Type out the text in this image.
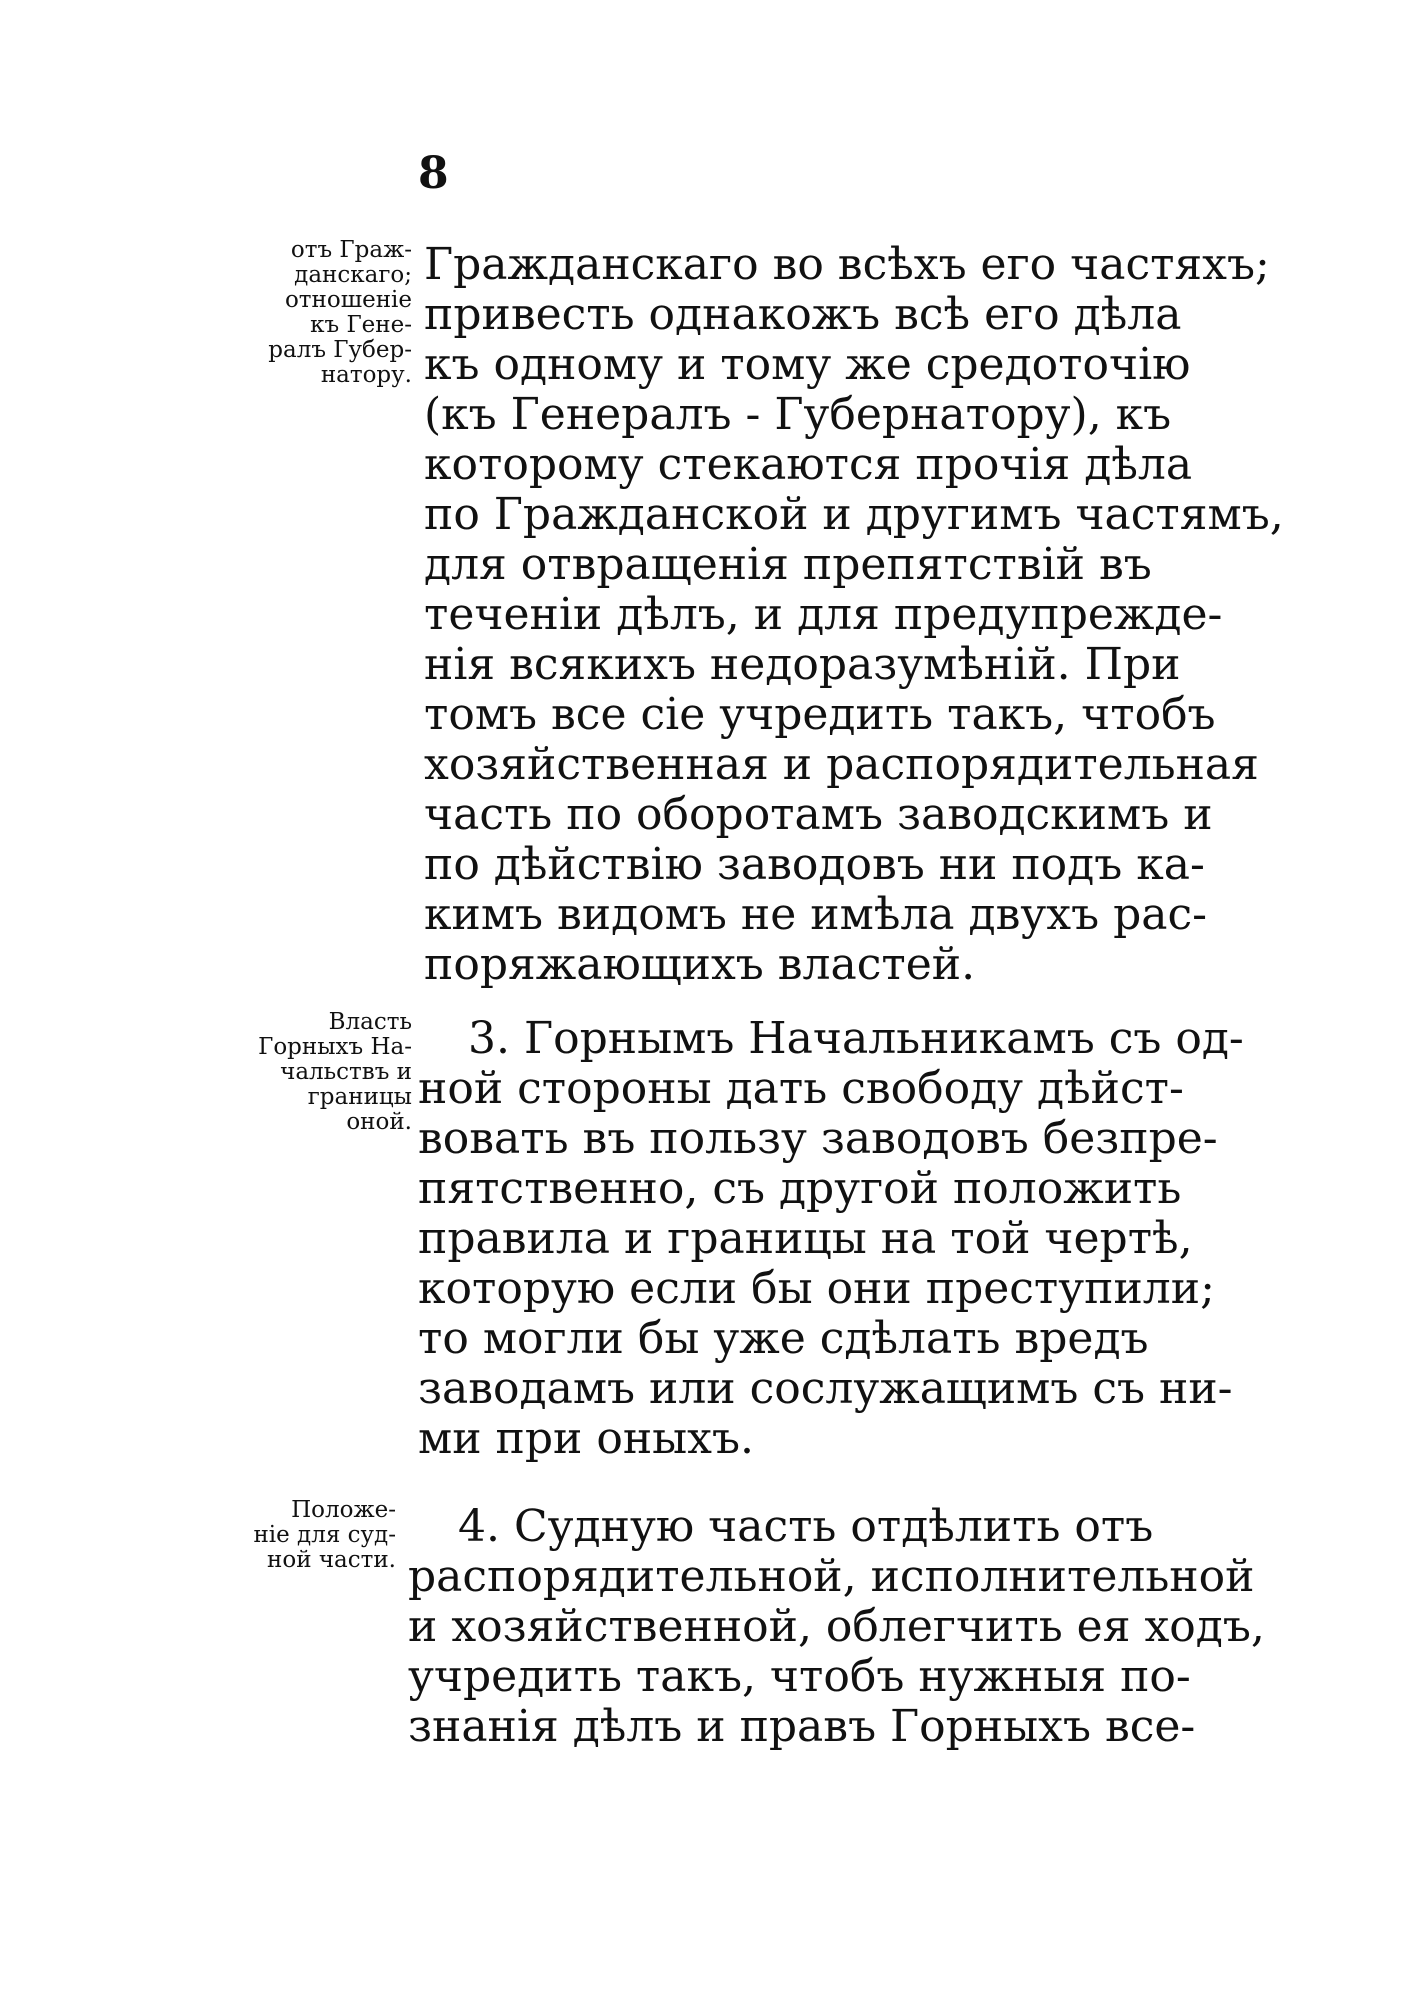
8
отъ Граж-
данскаго;
отношеніе
къ Гене-
ралъ Губер-
натору.
Власть
Горныхъ На-
чальствъ и
границы
оной.
Положе-
ніе для суд-
ной части.
Гражданскаго во всѣхъ его частяхъ;
привесть однакожъ всѣ его дѣла
къ одному и тому же средоточію
(къ Генералъ - Губернатору), къ
которому стекаются прочія дѣла
по Гражданской и другимъ частямъ,
для отвращенія препятствій въ
теченіи дѣлъ, и для предупрежде-
нія всякихъ недоразумѣній. При
томъ все сіе учредить такъ, чтобъ
хозяйственная и распорядительная
часть по оборотамъ заводскимъ и
по дѣйствію заводовъ ни подъ ка-
кимъ видомъ не имѣла двухъ рас-
поряжающихъ властей.
3. Горнымъ Начальникамъ съ од-
ной стороны дать свободу дѣйст-
вовать въ пользу заводовъ безпре-
пятственно, съ другой положить
правила и границы на той чертѣ,
которую если бы они преступили;
то могли бы уже сдѣлать вредъ
заводамъ или сослужащимъ съ ни-
ми при оныхъ.
4. Судную часть отдѣлить отъ
распорядительной, исполнительной
и хозяйственной, облегчить ея ходъ,
учредить такъ, чтобъ нужныя по-
знанія дѣлъ и правъ Горныхъ все-
